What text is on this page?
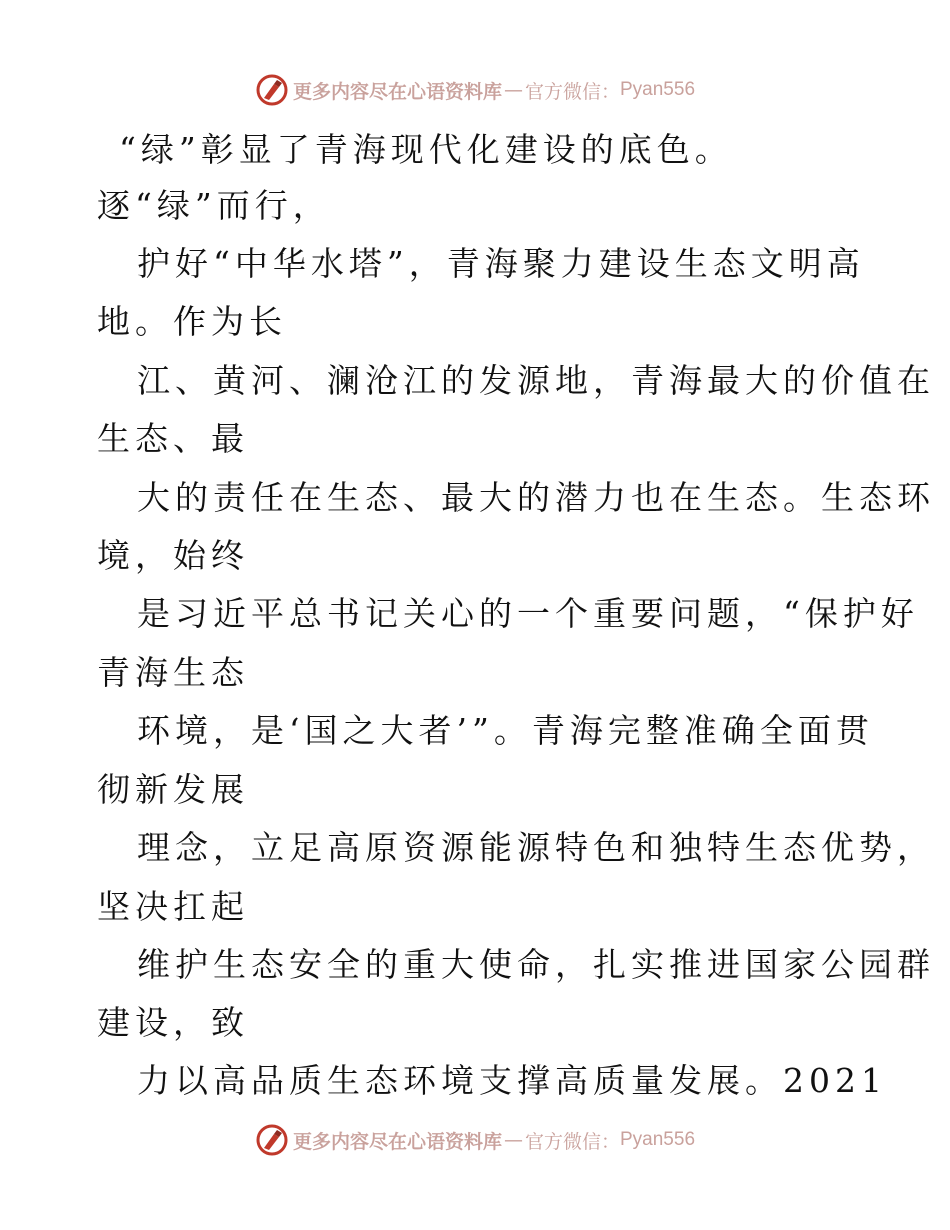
更多内容尽在心语资料库 — 官方微信： Pyan556
“绿”彰显了青海现代化建设的底色。
逐“绿”而行，
护好“中华水塔”，青海聚力建设生态文明高
地。作为长
江、黄河、澜沧江的发源地，青海最大的价值在
生态、最
大的责任在生态、最大的潜力也在生态。生态环
境，始终
是习近平总书记关心的一个重要问题，“保护好
青海生态
环境，是‘国之大者’”。青海完整准确全面贯
彻新发展
理念，立足高原资源能源特色和独特生态优势，
坚决扛起
维护生态安全的重大使命，扎实推进国家公园群
建设，致
力以高品质生态环境支撑高质量发展。2021
更多内容尽在心语资料库 — 官方微信： Pyan556
